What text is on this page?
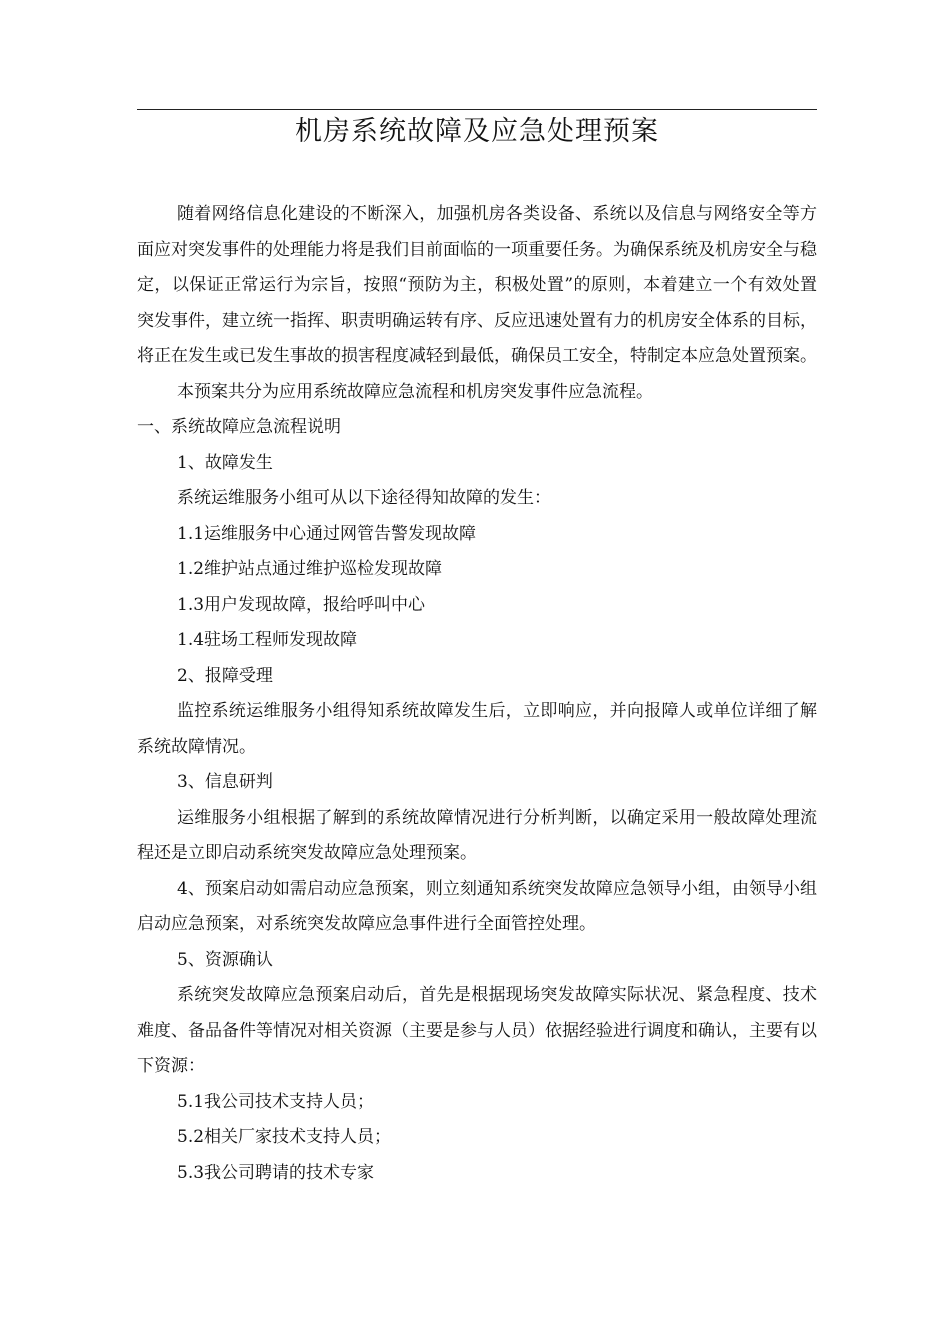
机房系统故障及应急处理预案

随着网络信息化建设的不断深入，加强机房各类设备、系统以及信息与网络安全等方面应对突发事件的处理能力将是我们目前面临的一项重要任务。为确保系统及机房安全与稳定，以保证正常运行为宗旨，按照“预防为主，积极处置”的原则，本着建立一个有效处置突发事件，建立统一指挥、职责明确运转有序、反应迅速处置有力的机房安全体系的目标，将正在发生或已发生事故的损害程度减轻到最低，确保员工安全，特制定本应急处置预案。

本预案共分为应用系统故障应急流程和机房突发事件应急流程。

一、系统故障应急流程说明

1、故障发生

系统运维服务小组可从以下途径得知故障的发生：

1.1运维服务中心通过网管告警发现故障

1.2维护站点通过维护巡检发现故障

1.3用户发现故障，报给呼叫中心

1.4驻场工程师发现故障

2、报障受理

监控系统运维服务小组得知系统故障发生后，立即响应，并向报障人或单位详细了解系统故障情况。

3、信息研判

运维服务小组根据了解到的系统故障情况进行分析判断，以确定采用一般故障处理流程还是立即启动系统突发故障应急处理预案。

4、预案启动如需启动应急预案，则立刻通知系统突发故障应急领导小组，由领导小组启动应急预案，对系统突发故障应急事件进行全面管控处理。

5、资源确认

系统突发故障应急预案启动后，首先是根据现场突发故障实际状况、紧急程度、技术难度、备品备件等情况对相关资源（主要是参与人员）依据经验进行调度和确认，主要有以下资源：

5.1我公司技术支持人员；

5.2相关厂家技术支持人员；

5.3我公司聘请的技术专家
